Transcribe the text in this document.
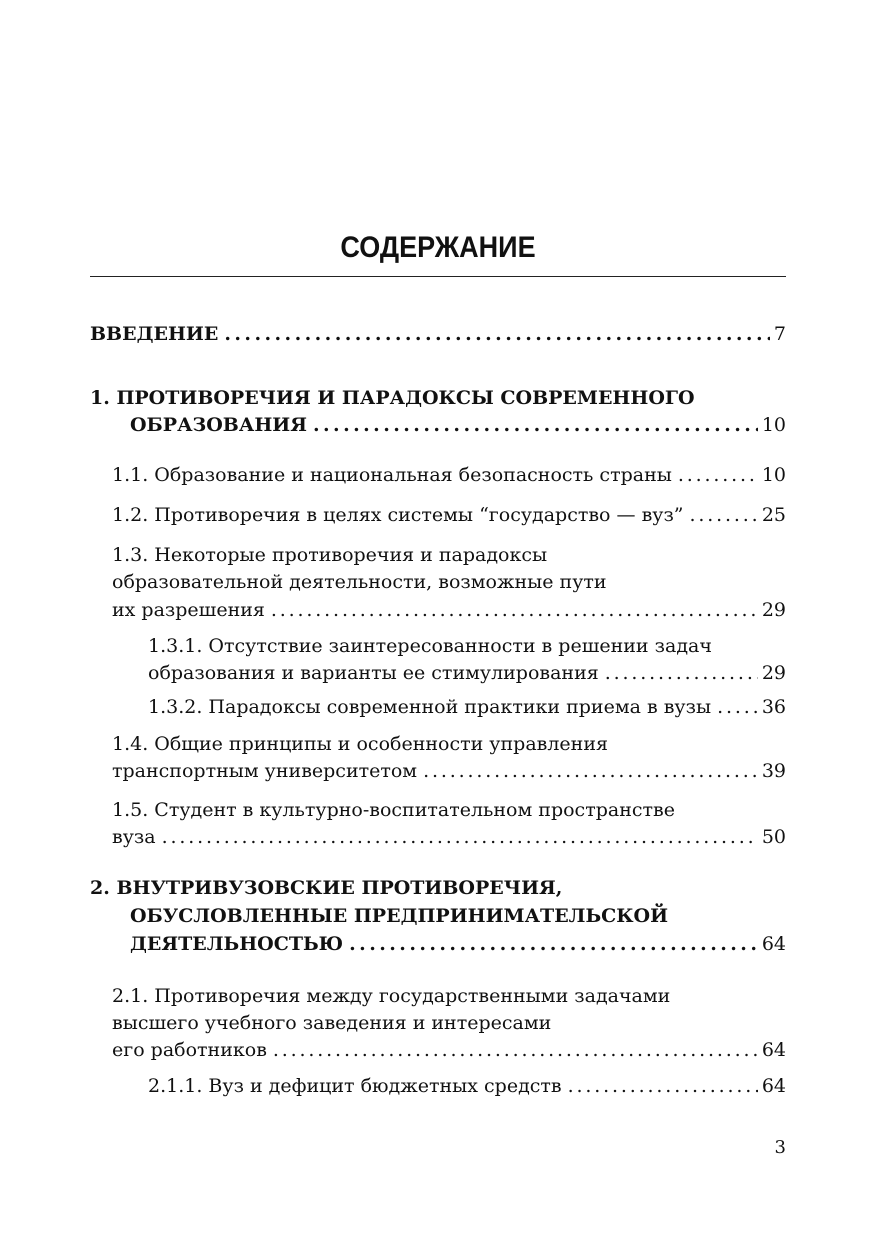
СОДЕРЖАНИЕ
ВВЕДЕНИЕ . . .	7
1. ПРОТИВОРЕЧИЯ И ПАРАДОКСЫ СОВРЕМЕННОГО
ОБРАЗОВАНИЯ . . .	10
1.1. Образование и национальная безопасность страны . . .	10
1.2. Противоречия в целях системы “государство — вуз” . . .	25
1.3. Некоторые противоречия и парадоксы
образовательной деятельности, возможные пути
их разрешения . . .	29
1.3.1. Отсутствие заинтересованности в решении задач
образования и варианты ее стимулирования . . .	29
1.3.2. Парадоксы современной практики приема в вузы . . .	36
1.4. Общие принципы и особенности управления
транспортным университетом . . .	39
1.5. Студент в культурно-воспитательном пространстве
вуза . . .	50
2. ВНУТРИВУЗОВСКИЕ ПРОТИВОРЕЧИЯ,
ОБУСЛОВЛЕННЫЕ ПРЕДПРИНИМАТЕЛЬСКОЙ
ДЕЯТЕЛЬНОСТЬЮ . . .	64
2.1. Противоречия между государственными задачами
высшего учебного заведения и интересами
его работников . . .	64
2.1.1. Вуз и дефицит бюджетных средств . . .	64
3
